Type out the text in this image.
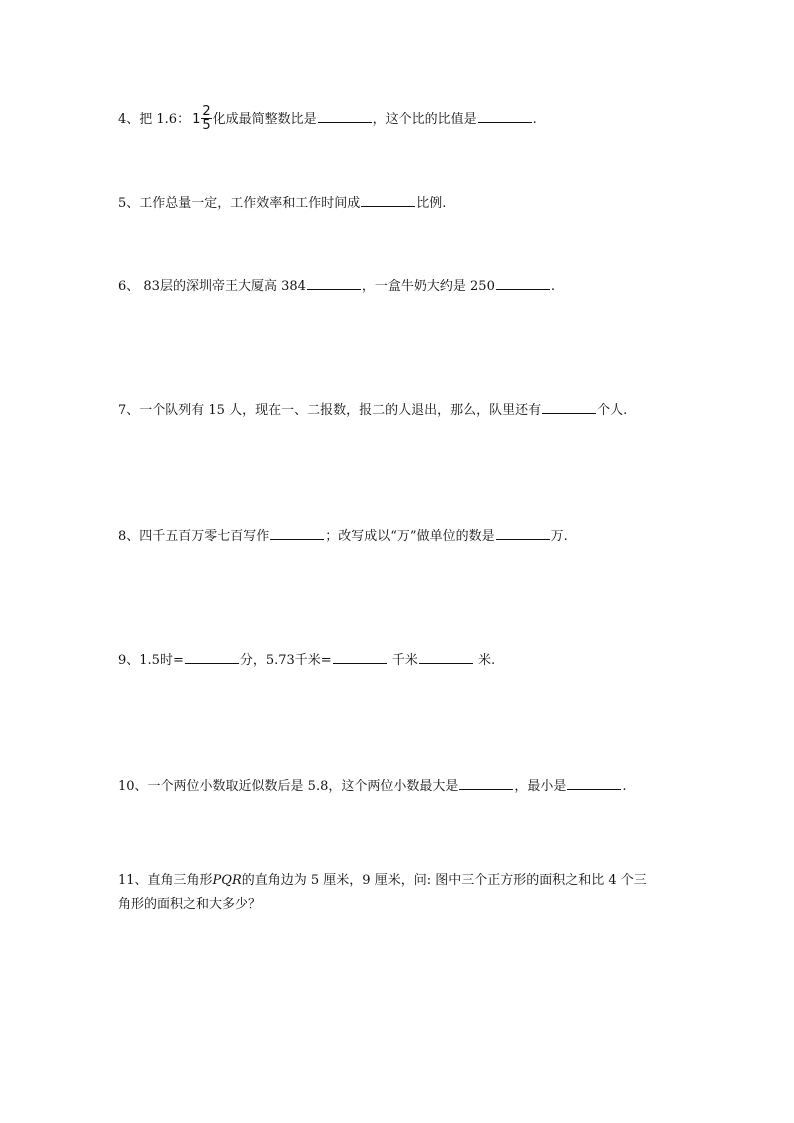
4、把 1.6： $1 \frac{2}{5}$ 化成最简整数比是	，这个比的比值是	.
5、工作总量一定，工作效率和工作时间成	比例.
6、 83层的深圳帝王大厦高 384	，一盒牛奶大约是 250	.
7、一个队列有 15 人，现在一、二报数，报二的人退出，那么，队里还有	个人.
8、四千五百万零七百写作	；改写成以“万”做单位的数是	万.
9、1.5时=	分，5.73千米=	千米	米.
10、一个两位小数取近似数后是 5.8，这个两位小数最大是	，最小是	.
11、直角三角形PQR的直角边为 5 厘米，9 厘米，问: 图中三个正方形的面积之和比 4 个三
角形的面积之和大多少？
